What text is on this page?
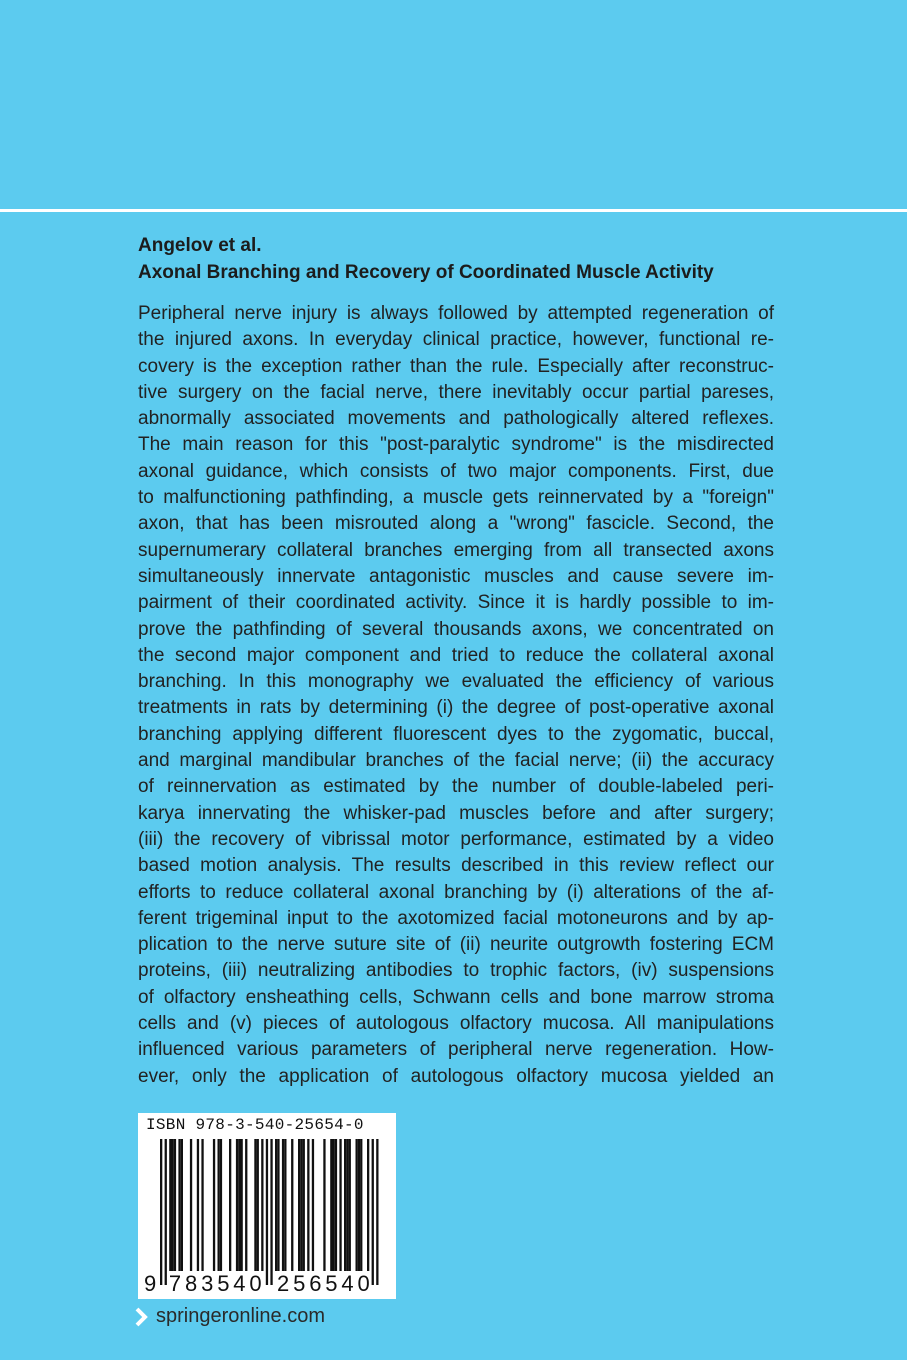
Angelov et al.
Axonal Branching and Recovery of Coordinated Muscle Activity
Peripheral nerve injury is always followed by attempted regeneration of
the injured axons. In everyday clinical practice, however, functional re-
covery is the exception rather than the rule. Especially after reconstruc-
tive surgery on the facial nerve, there inevitably occur partial pareses,
abnormally associated movements and pathologically altered reflexes.
The main reason for this "post-paralytic syndrome" is the misdirected
axonal guidance, which consists of two major components. First, due
to malfunctioning pathfinding, a muscle gets reinnervated by a "foreign"
axon, that has been misrouted along a "wrong" fascicle. Second, the
supernumerary collateral branches emerging from all transected axons
simultaneously innervate antagonistic muscles and cause severe im-
pairment of their coordinated activity. Since it is hardly possible to im-
prove the pathfinding of several thousands axons, we concentrated on
the second major component and tried to reduce the collateral axonal
branching. In this monography we evaluated the efficiency of various
treatments in rats by determining (i) the degree of post-operative axonal
branching applying different fluorescent dyes to the zygomatic, buccal,
and marginal mandibular branches of the facial nerve; (ii) the accuracy
of reinnervation as estimated by the number of double-labeled peri-
karya innervating the whisker-pad muscles before and after surgery;
(iii) the recovery of vibrissal motor performance, estimated by a video
based motion analysis. The results described in this review reflect our
efforts to reduce collateral axonal branching by (i) alterations of the af-
ferent trigeminal input to the axotomized facial motoneurons and by ap-
plication to the nerve suture site of (ii) neurite outgrowth fostering ECM
proteins, (iii) neutralizing antibodies to trophic factors, (iv) suspensions
of olfactory ensheathing cells, Schwann cells and bone marrow stroma
cells and (v) pieces of autologous olfactory mucosa. All manipulations
influenced various parameters of peripheral nerve regeneration. How-
ever, only the application of autologous olfactory mucosa yielded an
ISBN 978-3-540-25654-0
9 7 8 3 5 4 0 2 5 6 5 4 0
springeronline.com
